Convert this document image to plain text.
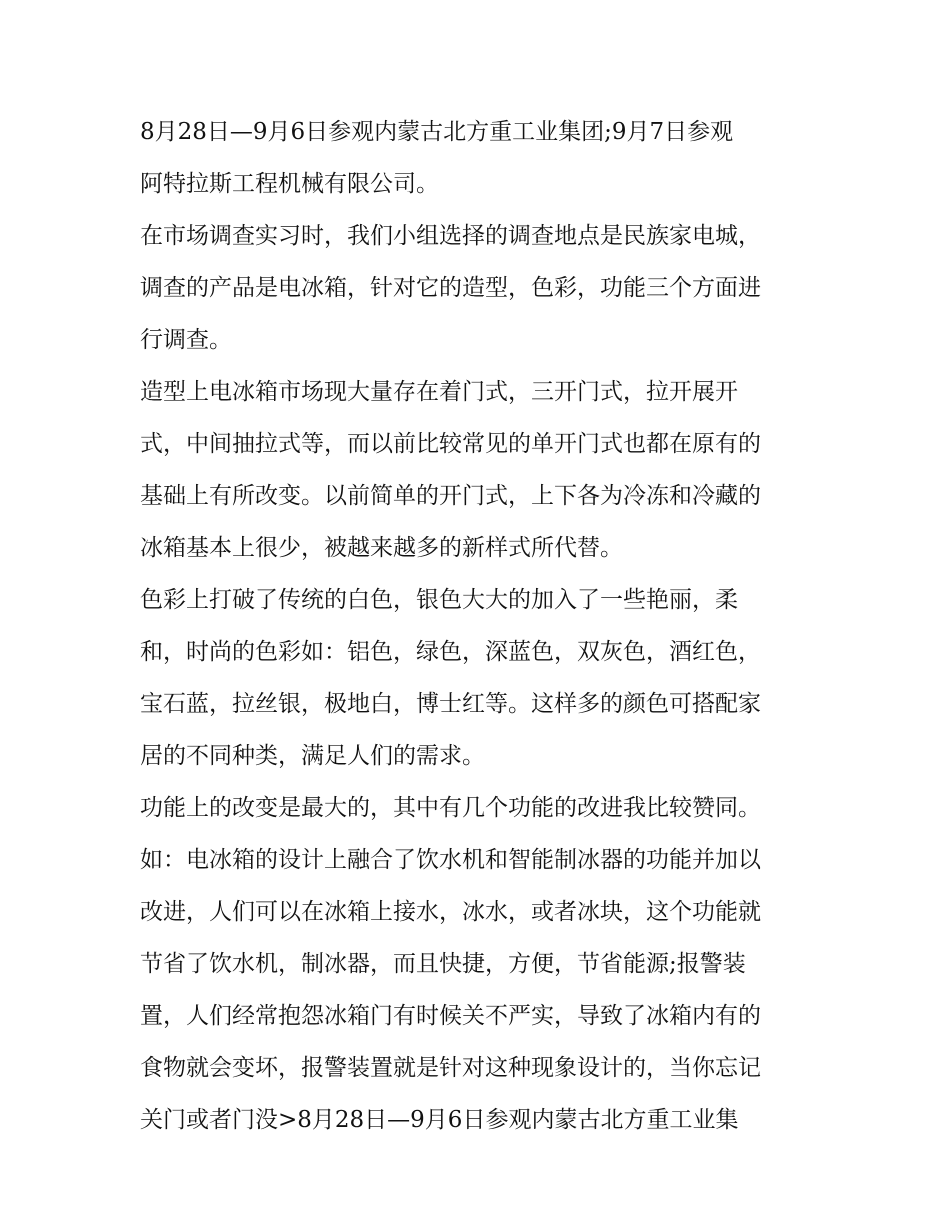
8月28日—9月6日参观内蒙古北方重工业集团;9月7日参观
阿特拉斯工程机械有限公司。
在市场调查实习时，我们小组选择的调查地点是民族家电城，
调查的产品是电冰箱，针对它的造型，色彩，功能三个方面进
行调查。
造型上电冰箱市场现大量存在着门式，三开门式，拉开展开
式，中间抽拉式等，而以前比较常见的单开门式也都在原有的
基础上有所改变。以前简单的开门式，上下各为冷冻和冷藏的
冰箱基本上很少，被越来越多的新样式所代替。
色彩上打破了传统的白色，银色大大的加入了一些艳丽，柔
和，时尚的色彩如：铝色，绿色，深蓝色，双灰色，酒红色，
宝石蓝，拉丝银，极地白，博士红等。这样多的颜色可搭配家
居的不同种类，满足人们的需求。
功能上的改变是最大的，其中有几个功能的改进我比较赞同。
如：电冰箱的设计上融合了饮水机和智能制冰器的功能并加以
改进，人们可以在冰箱上接水，冰水，或者冰块，这个功能就
节省了饮水机，制冰器，而且快捷，方便，节省能源;报警装
置，人们经常抱怨冰箱门有时候关不严实，导致了冰箱内有的
食物就会变坏，报警装置就是针对这种现象设计的，当你忘记
关门或者门没>8月28日—9月6日参观内蒙古北方重工业集
